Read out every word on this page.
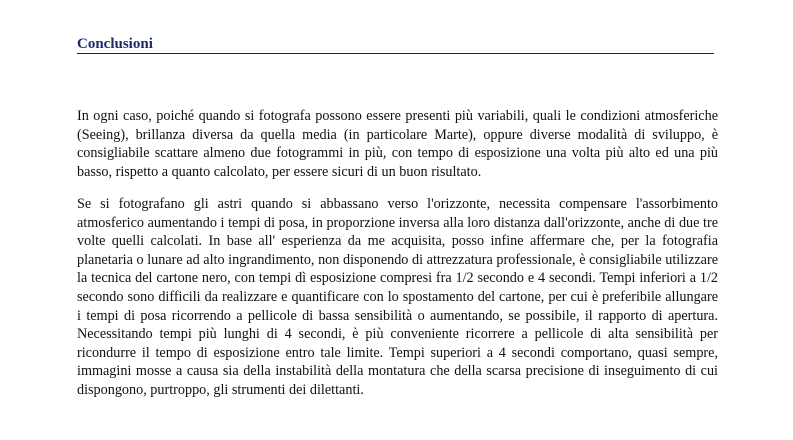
Conclusioni

In ogni caso, poiché quando si fotografa possono essere presenti più variabili, quali le condizioni atmosferiche (Seeing), brillanza diversa da quella media (in particolare Marte), oppure diverse modalità di sviluppo, è consigliabile scattare almeno due fotogrammi in più, con tempo di esposizione una volta più alto ed una più basso, rispetto a quanto calcolato, per essere sicuri di un buon risultato.

Se si fotografano gli astri quando si abbassano verso l'orizzonte, necessita compensare l'assorbimento atmosferico aumentando i tempi di posa, in proporzione inversa alla loro distanza dall'orizzonte, anche di due tre volte quelli calcolati. In base all' esperienza da me acquisita, posso infine affermare che, per la fotografia planetaria o lunare ad alto ingrandimento, non disponendo di attrezzatura professionale, è consigliabile utilizzare la tecnica del cartone nero, con tempi dì esposizione compresi fra 1/2 secondo e 4 secondi. Tempi inferiori a 1/2 secondo sono difficili da realizzare e quantificare con lo spostamento del cartone, per cui è preferibile allungare i tempi di posa ricorrendo a pellicole di bassa sensibilità o aumentando, se possibile, il rapporto di apertura. Necessitando tempi più lunghi di 4 secondi, è più conveniente ricorrere a pellicole di alta sensibilità per ricondurre il tempo di esposizione entro tale limite. Tempi superiori a 4 secondi comportano, quasi sempre, immagini mosse a causa sia della instabilità della montatura che della scarsa precisione di inseguimento di cui dispongono, purtroppo, gli strumenti dei dilettanti.
